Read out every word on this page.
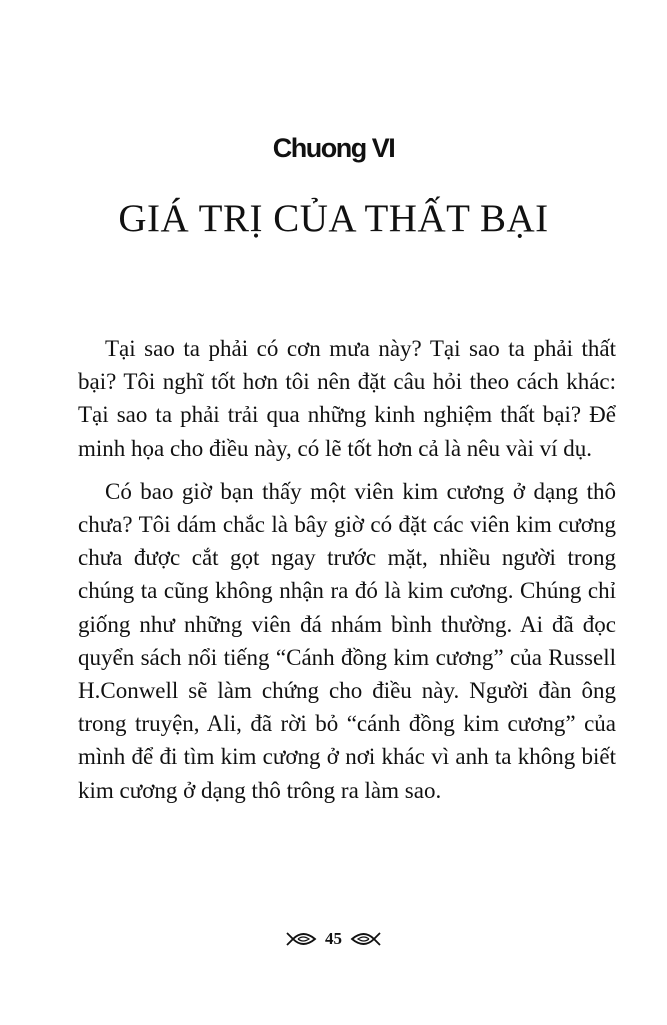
Chuong VI
GIÁ TRỊ CỦA THẤT BẠI

Tại sao ta phải có cơn mưa này? Tại sao ta phải thất bại? Tôi nghĩ tốt hơn tôi nên đặt câu hỏi theo cách khác: Tại sao ta phải trải qua những kinh nghiệm thất bại? Để minh họa cho điều này, có lẽ tốt hơn cả là nêu vài ví dụ.

Có bao giờ bạn thấy một viên kim cương ở dạng thô chưa? Tôi dám chắc là bây giờ có đặt các viên kim cương chưa được cắt gọt ngay trước mặt, nhiều người trong chúng ta cũng không nhận ra đó là kim cương. Chúng chỉ giống như những viên đá nhám bình thường. Ai đã đọc quyển sách nổi tiếng “Cánh đồng kim cương” của Russell H.Conwell sẽ làm chứng cho điều này. Người đàn ông trong truyện, Ali, đã rời bỏ “cánh đồng kim cương” của mình để đi tìm kim cương ở nơi khác vì anh ta không biết kim cương ở dạng thô trông ra làm sao.

45
